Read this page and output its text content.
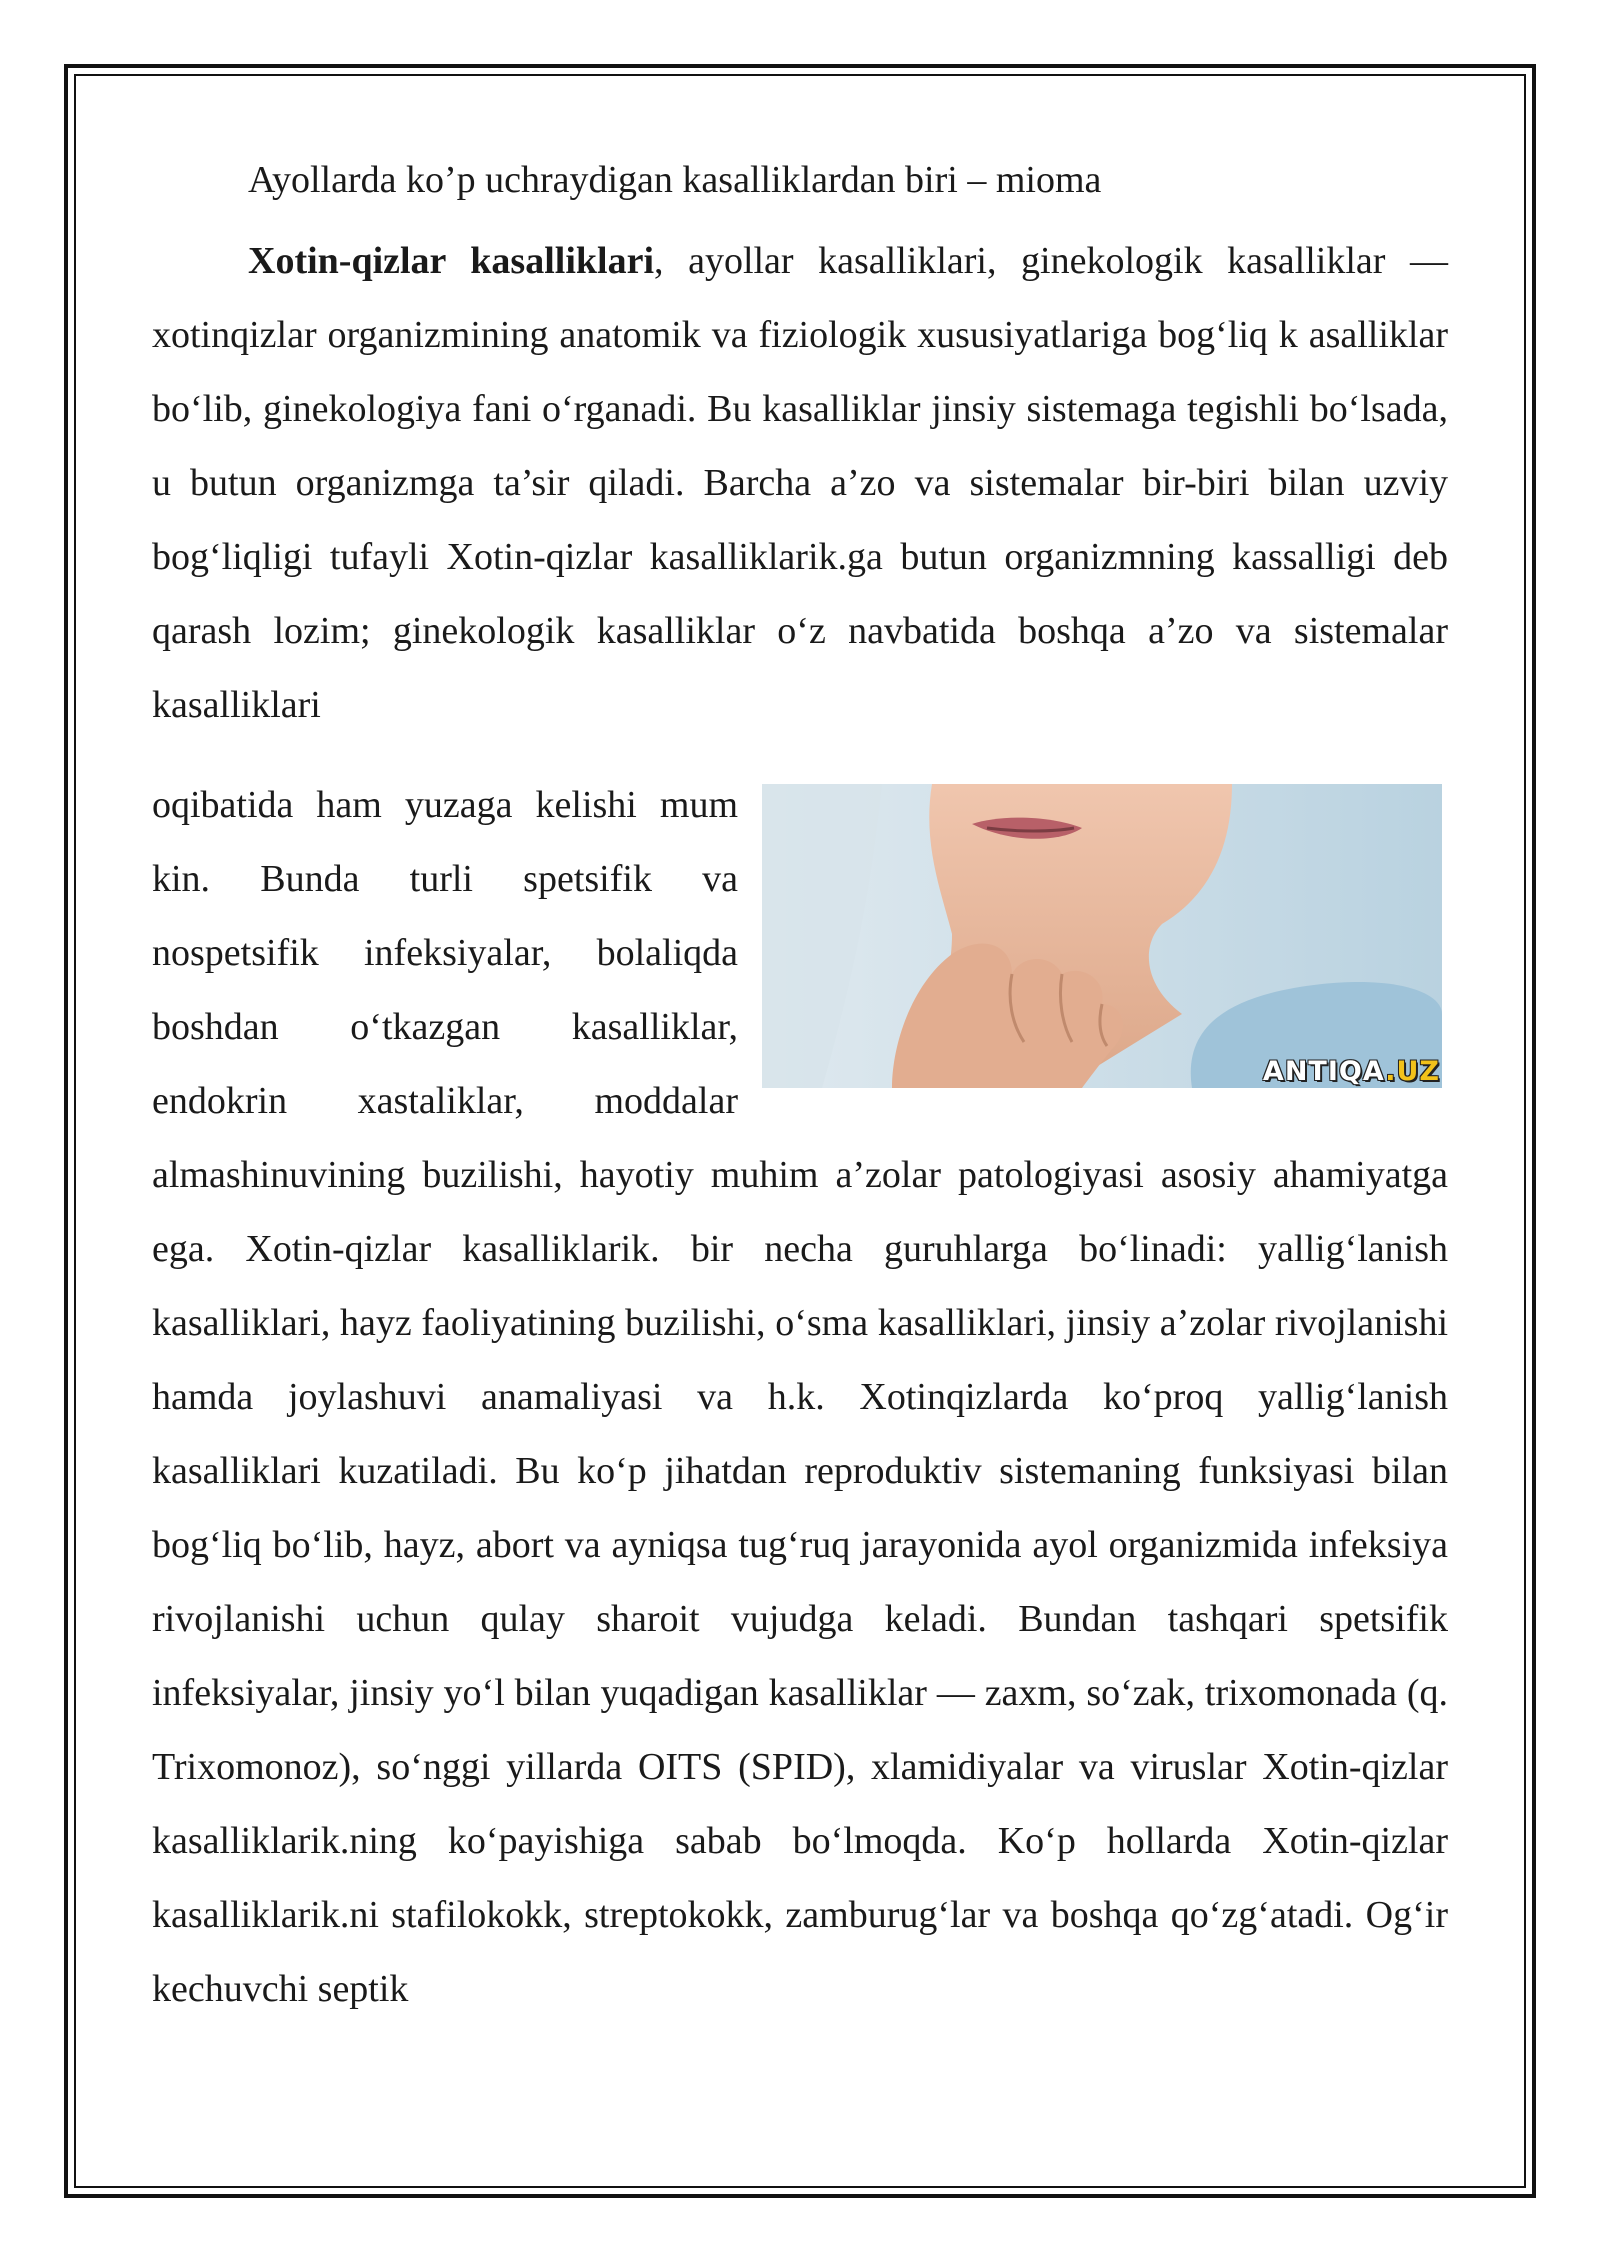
Ayollarda ko’p uchraydigan kasalliklardan biri – mioma

Xotin-qizlar kasalliklari, ayollar kasalliklari, ginekologik kasalliklar — xotinqizlar organizmining anatomik va fiziologik xususiyatlariga bog‘liq k asalliklar bo‘lib, ginekologiya fani o‘rganadi. Bu kasalliklar jinsiy sistemaga tegishli bo‘lsada, u butun organizmga ta’sir qiladi. Barcha a’zo va sistemalar bir-biri bilan uzviy bog‘liqligi tufayli Xotin-qizlar kasalliklarik.ga butun organizmning kassalligi deb qarash lozim; ginekologik kasalliklar o‘z navbatida boshqa a’zo va sistemalar kasalliklari

ANTIQA.UZ
oqibatida ham yuzaga kelishi mum kin. Bunda turli spetsifik va nospetsifik infeksiyalar, bolaliqda boshdan o‘tkazgan kasalliklar, endokrin xastaliklar, moddalar almashinuvining buzilishi, hayotiy muhim a’zolar patologiyasi asosiy ahamiyatga ega. Xotin-qizlar kasalliklarik. bir necha guruhlarga bo‘linadi: yallig‘lanish kasalliklari, hayz faoliyatining buzilishi, o‘sma kasalliklari, jinsiy a’zolar rivojlanishi hamda joylashuvi anamaliyasi va h.k. Xotinqizlarda ko‘proq yallig‘lanish kasalliklari kuzatiladi. Bu ko‘p jihatdan reproduktiv sistemaning funksiyasi bilan bog‘liq bo‘lib, hayz, abort va ayniqsa tug‘ruq jarayonida ayol organizmida infeksiya rivojlanishi uchun qulay sharoit vujudga keladi. Bundan tashqari spetsifik infeksiyalar, jinsiy yo‘l bilan yuqadigan kasalliklar — zaxm, so‘zak, trixomonada (q. Trixomonoz), so‘nggi yillarda OITS (SPID), xlamidiyalar va viruslar Xotin-qizlar kasalliklarik.ning ko‘payishiga sabab bo‘lmoqda. Ko‘p hollarda Xotin-qizlar kasalliklarik.ni stafilokokk, streptokokk, zamburug‘lar va boshqa qo‘zg‘atadi. Og‘ir kechuvchi septik
